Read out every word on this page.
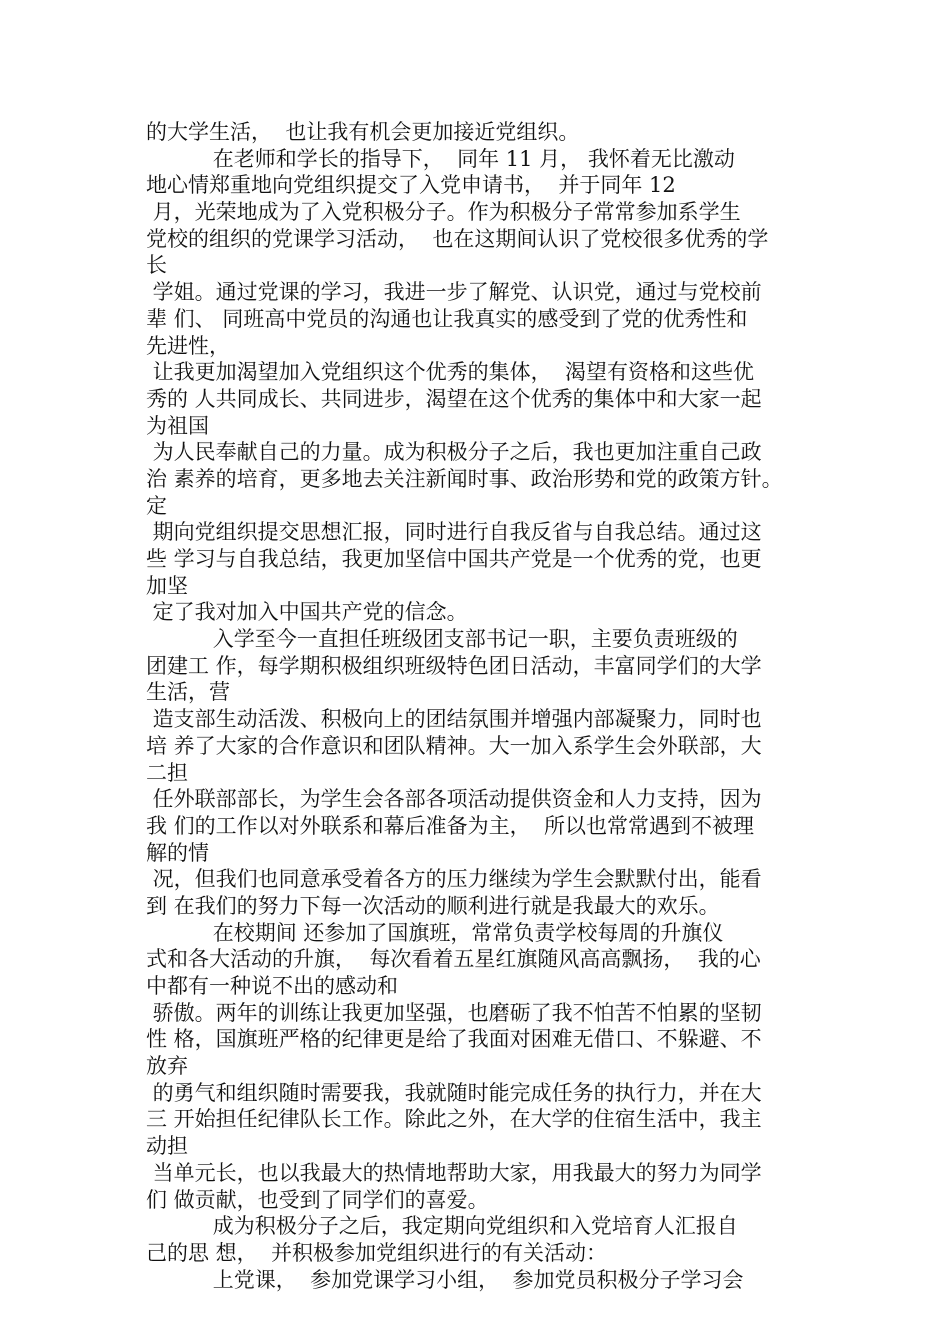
的大学生活，  也让我有机会更加接近党组织。
在老师和学长的指导下，  同年 11 月， 我怀着无比激动
地心情郑重地向党组织提交了入党申请书，  并于同年 12
月，光荣地成为了入党积极分子。作为积极分子常常参加系学生
党校的组织的党课学习活动，  也在这期间认识了党校很多优秀的学
长
学姐。通过党课的学习，我进一步了解党、认识党，通过与党校前
辈 们、 同班高中党员的沟通也让我真实的感受到了党的优秀性和
先进性，
让我更加渴望加入党组织这个优秀的集体，  渴望有资格和这些优
秀的 人共同成长、共同进步，渴望在这个优秀的集体中和大家一起
为祖国
为人民奉献自己的力量。成为积极分子之后，我也更加注重自己政
治 素养的培育，更多地去关注新闻时事、政治形势和党的政策方针。
定
期向党组织提交思想汇报，同时进行自我反省与自我总结。通过这
些 学习与自我总结，我更加坚信中国共产党是一个优秀的党，也更
加坚
定了我对加入中国共产党的信念。
入学至今一直担任班级团支部书记一职，主要负责班级的
团建工 作，每学期积极组织班级特色团日活动，丰富同学们的大学
生活，营
造支部生动活泼、积极向上的团结氛围并增强内部凝聚力，同时也
培 养了大家的合作意识和团队精神。大一加入系学生会外联部，大
二担
任外联部部长，为学生会各部各项活动提供资金和人力支持，因为
我 们的工作以对外联系和幕后准备为主，  所以也常常遇到不被理
解的情
况，但我们也同意承受着各方的压力继续为学生会默默付出，能看
到 在我们的努力下每一次活动的顺利进行就是我最大的欢乐。
在校期间 还参加了国旗班，常常负责学校每周的升旗仪
式和各大活动的升旗，  每次看着五星红旗随风高高飘扬，  我的心
中都有一种说不出的感动和
骄傲。两年的训练让我更加坚强，也磨砺了我不怕苦不怕累的坚韧
性 格，国旗班严格的纪律更是给了我面对困难无借口、不躲避、不
放弃
的勇气和组织随时需要我，我就随时能完成任务的执行力，并在大
三 开始担任纪律队长工作。除此之外，在大学的住宿生活中，我主
动担
当单元长，也以我最大的热情地帮助大家，用我最大的努力为同学
们 做贡献，也受到了同学们的喜爱。
成为积极分子之后，我定期向党组织和入党培育人汇报自
己的思 想，  并积极参加党组织进行的有关活动：
上党课，  参加党课学习小组，  参加党员积极分子学习会
